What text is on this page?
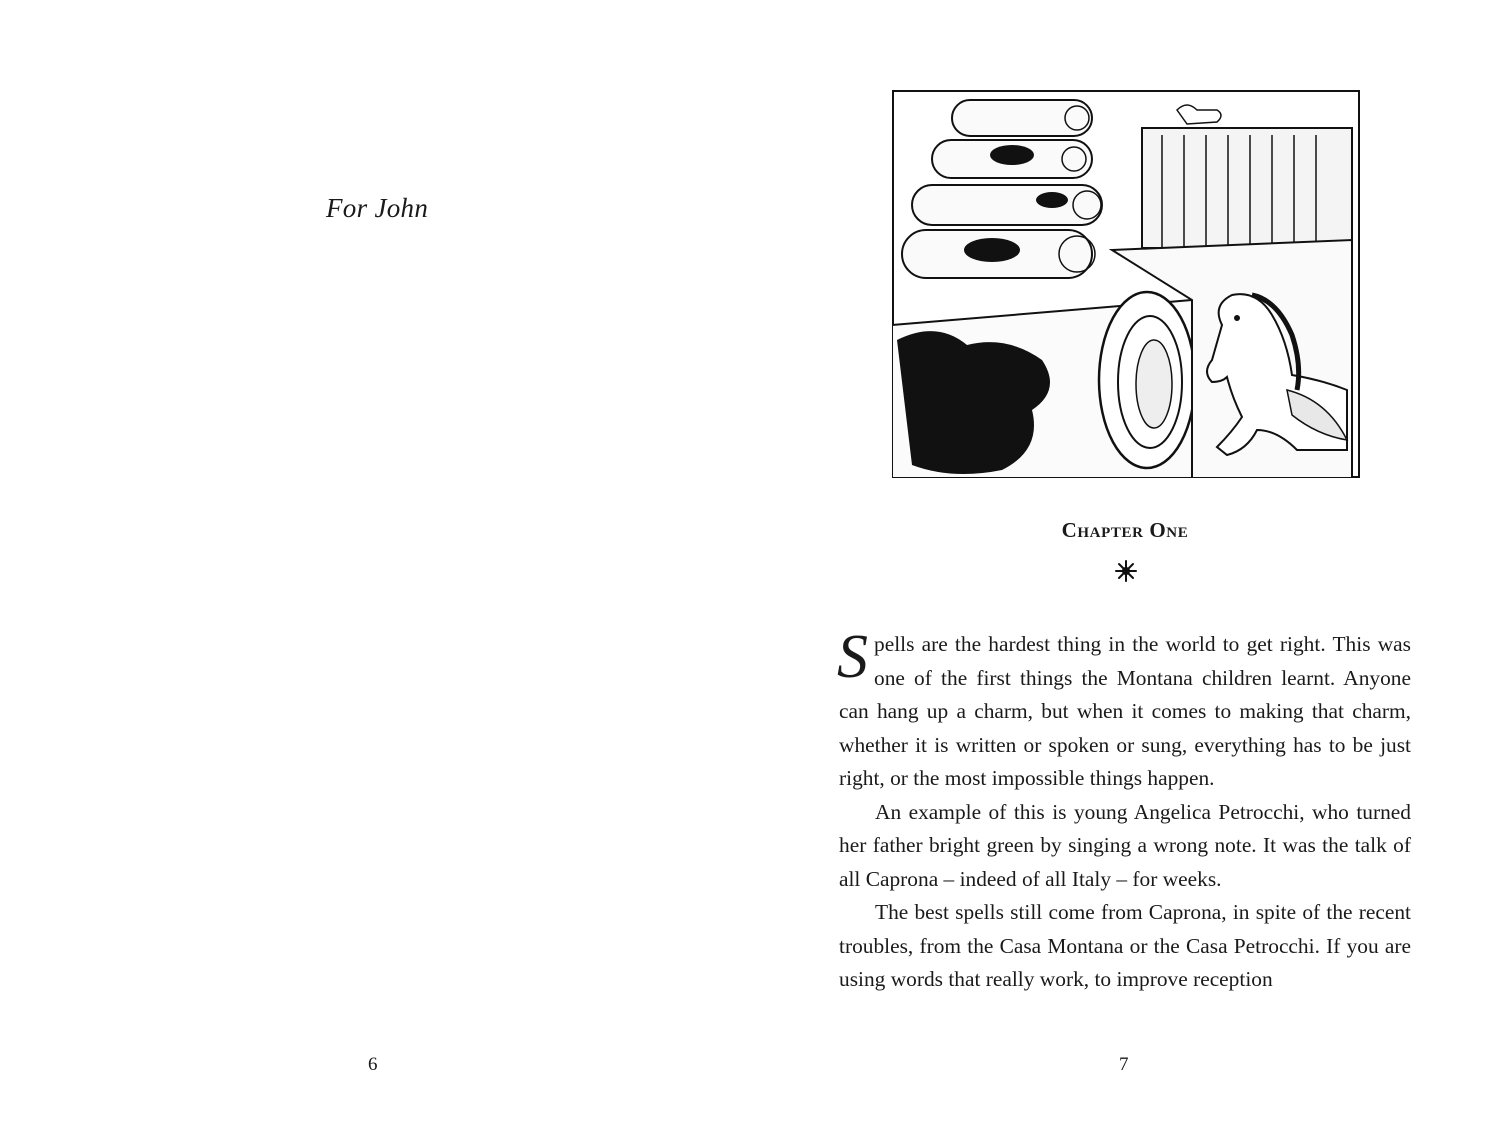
For John
6
Chapter One

Spells are the hardest thing in the world to get right. This was one of the first things the Montana children learnt. Anyone can hang up a charm, but when it comes to making that charm, whether it is written or spoken or sung, everything has to be just right, or the most impossible things happen.

An example of this is young Angelica Petrocchi, who turned her father bright green by singing a wrong note. It was the talk of all Caprona – indeed of all Italy – for weeks.

The best spells still come from Caprona, in spite of the recent troubles, from the Casa Montana or the Casa Petrocchi. If you are using words that really work, to improve reception

7
